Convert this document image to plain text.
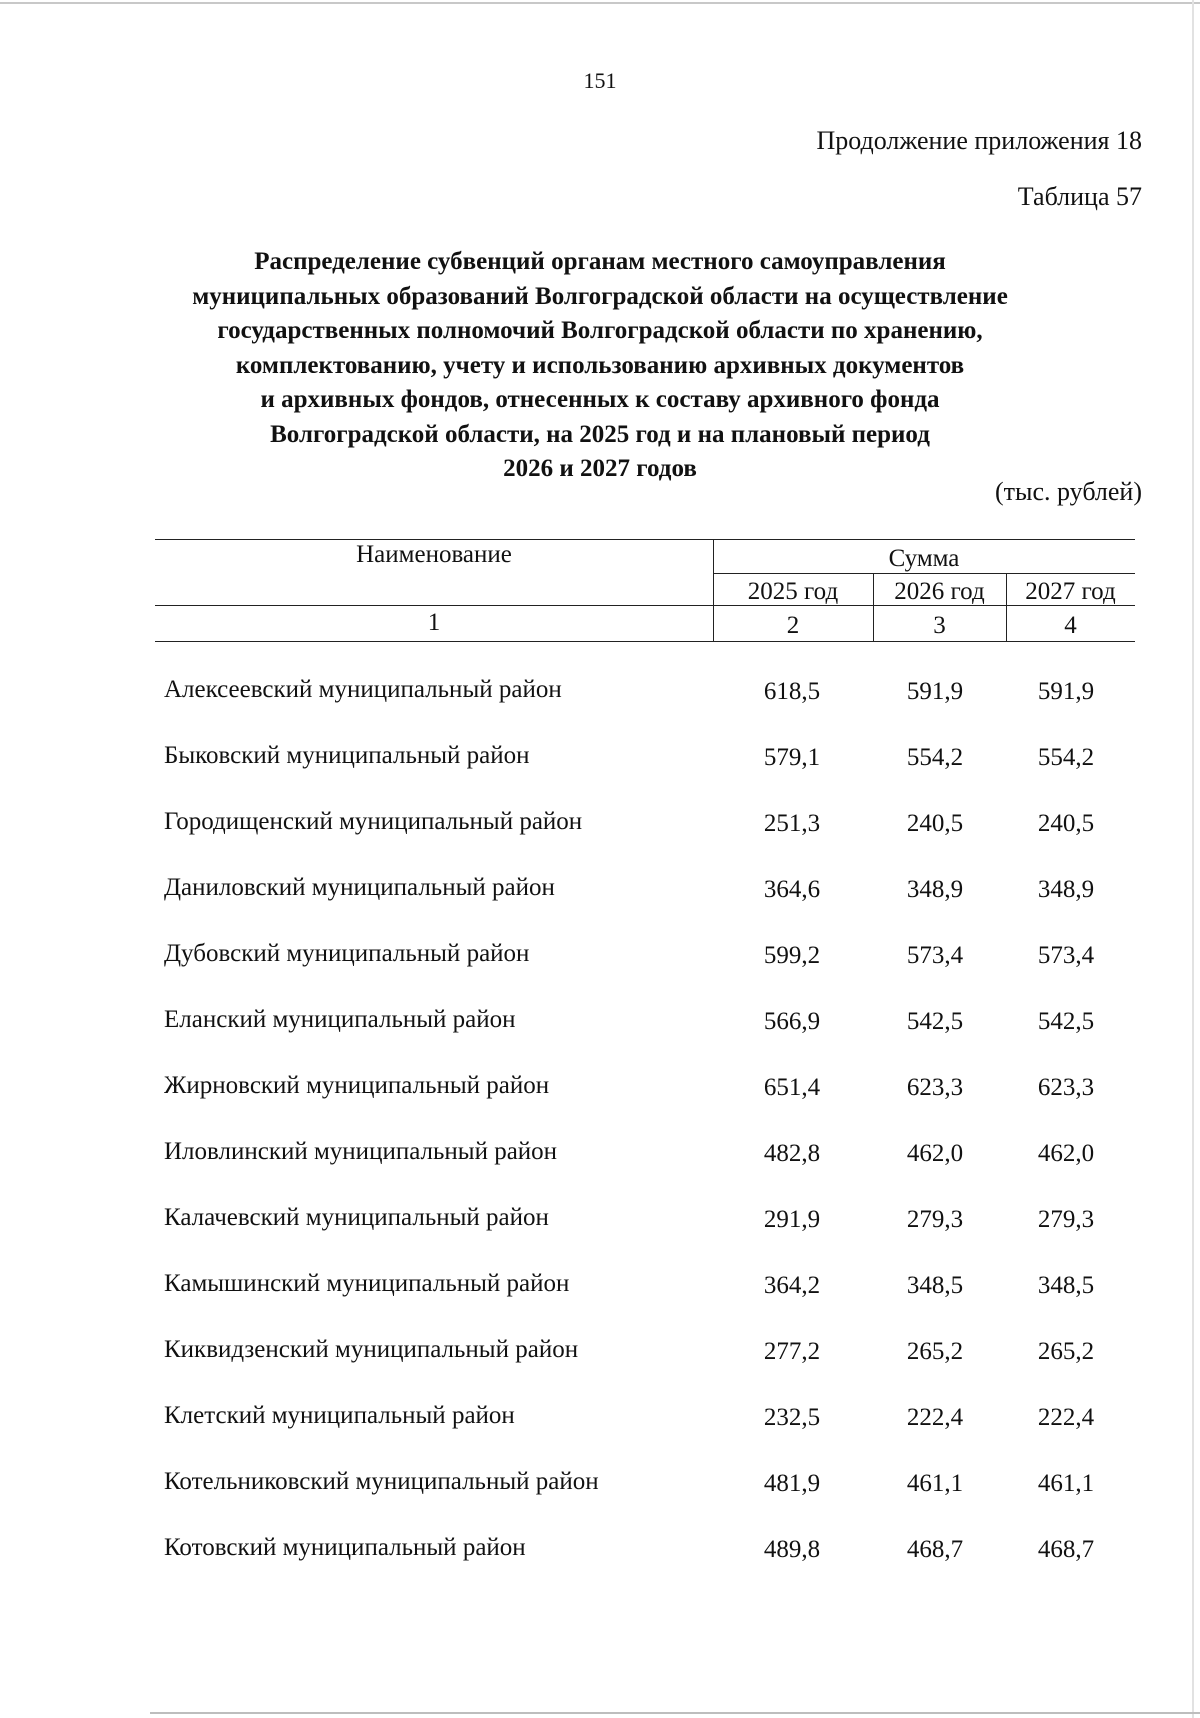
151
Продолжение приложения 18
Таблица 57
Распределение субвенций органам местного самоуправления
муниципальных образований Волгоградской области на осуществление
государственных полномочий Волгоградской области по хранению,
комплектованию, учету и использованию архивных документов
и архивных фондов, отнесенных к составу архивного фонда
Волгоградской области, на 2025 год и на плановый период
2026 и 2027 годов
(тыс. рублей)
Наименование	Сумма
2025 год	2026 год	2027 год
1	2	3	4
Алексеевский муниципальный район	618,5	591,9	591,9
Быковский муниципальный район	579,1	554,2	554,2
Городищенский муниципальный район	251,3	240,5	240,5
Даниловский муниципальный район	364,6	348,9	348,9
Дубовский муниципальный район	599,2	573,4	573,4
Еланский муниципальный район	566,9	542,5	542,5
Жирновский муниципальный район	651,4	623,3	623,3
Иловлинский муниципальный район	482,8	462,0	462,0
Калачевский муниципальный район	291,9	279,3	279,3
Камышинский муниципальный район	364,2	348,5	348,5
Киквидзенский муниципальный район	277,2	265,2	265,2
Клетский муниципальный район	232,5	222,4	222,4
Котельниковский муниципальный район	481,9	461,1	461,1
Котовский муниципальный район	489,8	468,7	468,7
